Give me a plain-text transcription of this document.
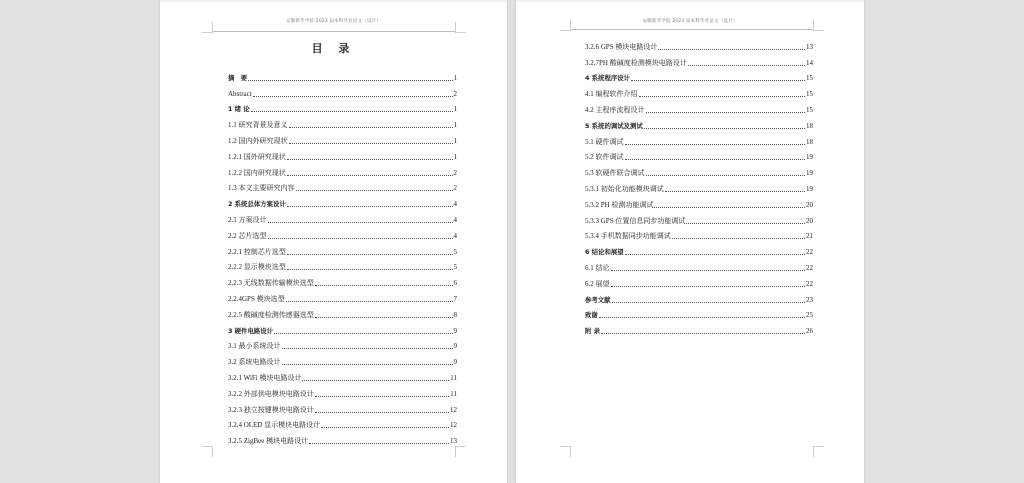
安徽新华学院 2023 届本科毕业论文（设计）
目 录
摘　要	1
Abstract	2
1 绪 论	1
1.1 研究背景及意义	1
1.2 国内外研究现状	1
1.2.1 国外研究现状	1
1.2.2 国内研究现状	2
1.3 本文主要研究内容	2
2 系统总体方案设计	4
2.1 方案设计	4
2.2 芯片选型	4
2.2.1 控制芯片选型	5
2.2.2 显示模块选型	5
2.2.3 无线数据传输模块选型	6
2.2.4GPS 模块选型	7
2.2.5 酸碱度检测传感器选型	8
3 硬件电路设计	9
3.1 最小系统设计	9
3.2 系统电路设计	9
3.2.1 WiFi 模块电路设计	11
3.2.2 外部供电模块电路设计	11
3.2.3 独立按键模块电路设计	12
3.2.4 OLED 显示模块电路设计	12
3.2.5 ZigBee 模块电路设计	13
安徽新华学院 2023 届本科毕业论文（设计）
3.2.6 GPS 模块电路设计	13
3.2.7PH 酸碱度检测模块电路设计	14
4 系统程序设计	15
4.1 编程软件介绍	15
4.2 主程序流程设计	15
5 系统的调试及测试	18
5.1 硬件调试	18
5.2 软件调试	19
5.3 软硬件联合调试	19
5.3.1 初始化功能模块调试	19
5.3.2 PH 检测功能调试	20
5.3.3 GPS 位置信息同步功能调试	20
5.3.4 手机数据同步功能调试	21
6 结论和展望	22
6.1 结论	22
6.2 展望	22
参考文献	23
致谢	25
附 录	26
